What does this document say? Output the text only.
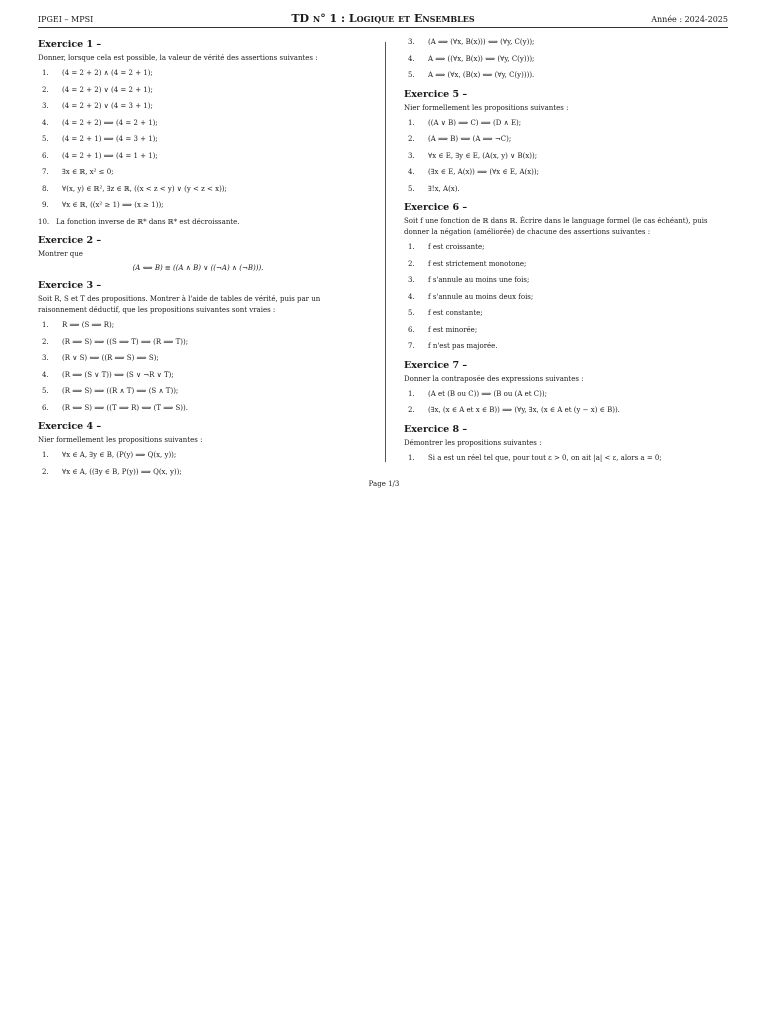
IPGEI – MPSI	TD n° 1 : Logique et Ensembles	Année : 2024-2025
Exercice 1 –
Donner, lorsque cela est possible, la valeur de vérité des assertions suivantes :
1.	(4 = 2 + 2) ∧ (4 = 2 + 1);
2.	(4 = 2 + 2) ∨ (4 = 2 + 1);
3.	(4 = 2 + 2) ∨ (4 = 3 + 1);
4.	(4 = 2 + 2) ⟹ (4 = 2 + 1);
5.	(4 = 2 + 1) ⟹ (4 = 3 + 1);
6.	(4 = 2 + 1) ⟹ (4 = 1 + 1);
7.	∃x ∈ ℝ, x² ≤ 0;
8.	∀(x, y) ∈ ℝ², ∃z ∈ ℝ, ((x < z < y) ∨ (y < z < x));
9.	∀x ∈ ℝ, ((x² ≥ 1) ⟹ (x ≥ 1));
10. La fonction inverse de ℝ* dans ℝ* est décroissante.
Exercice 2 –
Montrer que
(A ⟺ B) ≡ ((A ∧ B) ∨ ((¬A) ∧ (¬B))).
Exercice 3 –
Soit R, S et T des propositions. Montrer à l'aide de tables de vérité, puis par un raisonnement déductif, que les propositions suivantes sont vraies :
1.	R ⟹ (S ⟹ R);
2.	(R ⟹ S) ⟹ ((S ⟹ T) ⟹ (R ⟹ T));
3.	(R ∨ S) ⟺ ((R ⟹ S) ⟹ S);
4.	(R ⟹ (S ∨ T)) ⟺ (S ∨ ¬R ∨ T);
5.	(R ⟹ S) ⟹ ((R ∧ T) ⟹ (S ∧ T));
6.	(R ⟺ S) ⟹ ((T ⟹ R) ⟺ (T ⟹ S)).
Exercice 4 –
Nier formellement les propositions suivantes :
1.	∀x ∈ A, ∃y ∈ B, (P(y) ⟹ Q(x, y));
2.	∀x ∈ A, ((∃y ∈ B, P(y)) ⟹ Q(x, y));
3.	(A ⟹ (∀x, B(x))) ⟺ (∀y, C(y));
4.	A ⟹ ((∀x, B(x)) ⟺ (∀y, C(y)));
5.	A ⟹ (∀x, (B(x) ⟺ (∀y, C(y)))).
Exercice 5 –
Nier formellement les propositions suivantes :
1.	((A ∨ B) ⟹ C) ⟹ (D ∧ E);
2.	(A ⟹ B) ⟺ (A ⟹ ¬C);
3.	∀x ∈ E, ∃y ∈ E, (A(x, y) ∨ B(x));
4.	(∃x ∈ E, A(x)) ⟹ (∀x ∈ E, A(x));
5.	∃!x, A(x).
Exercice 6 –
Soit f une fonction de ℝ dans ℝ. Écrire dans le language formel (le cas échéant), puis donner la négation (améliorée) de chacune des assertions suivantes :
1.	f est croissante;
2.	f est strictement monotone;
3.	f s'annule au moins une fois;
4.	f s'annule au moins deux fois;
5.	f est constante;
6.	f est minorée;
7.	f n'est pas majorée.
Exercice 7 –
Donner la contraposée des expressions suivantes :
1.	(A et (B ou C)) ⟹ (B ou (A et C));
2.	(∃x, (x ∈ A et x ∈ B)) ⟹ (∀y, ∃x, (x ∈ A et (y − x) ∈ B)).
Exercice 8 –
Démontrer les propositions suivantes :
1.	Si a est un réel tel que, pour tout ε > 0, on ait |a| < ε, alors a = 0;
Page 1/3
